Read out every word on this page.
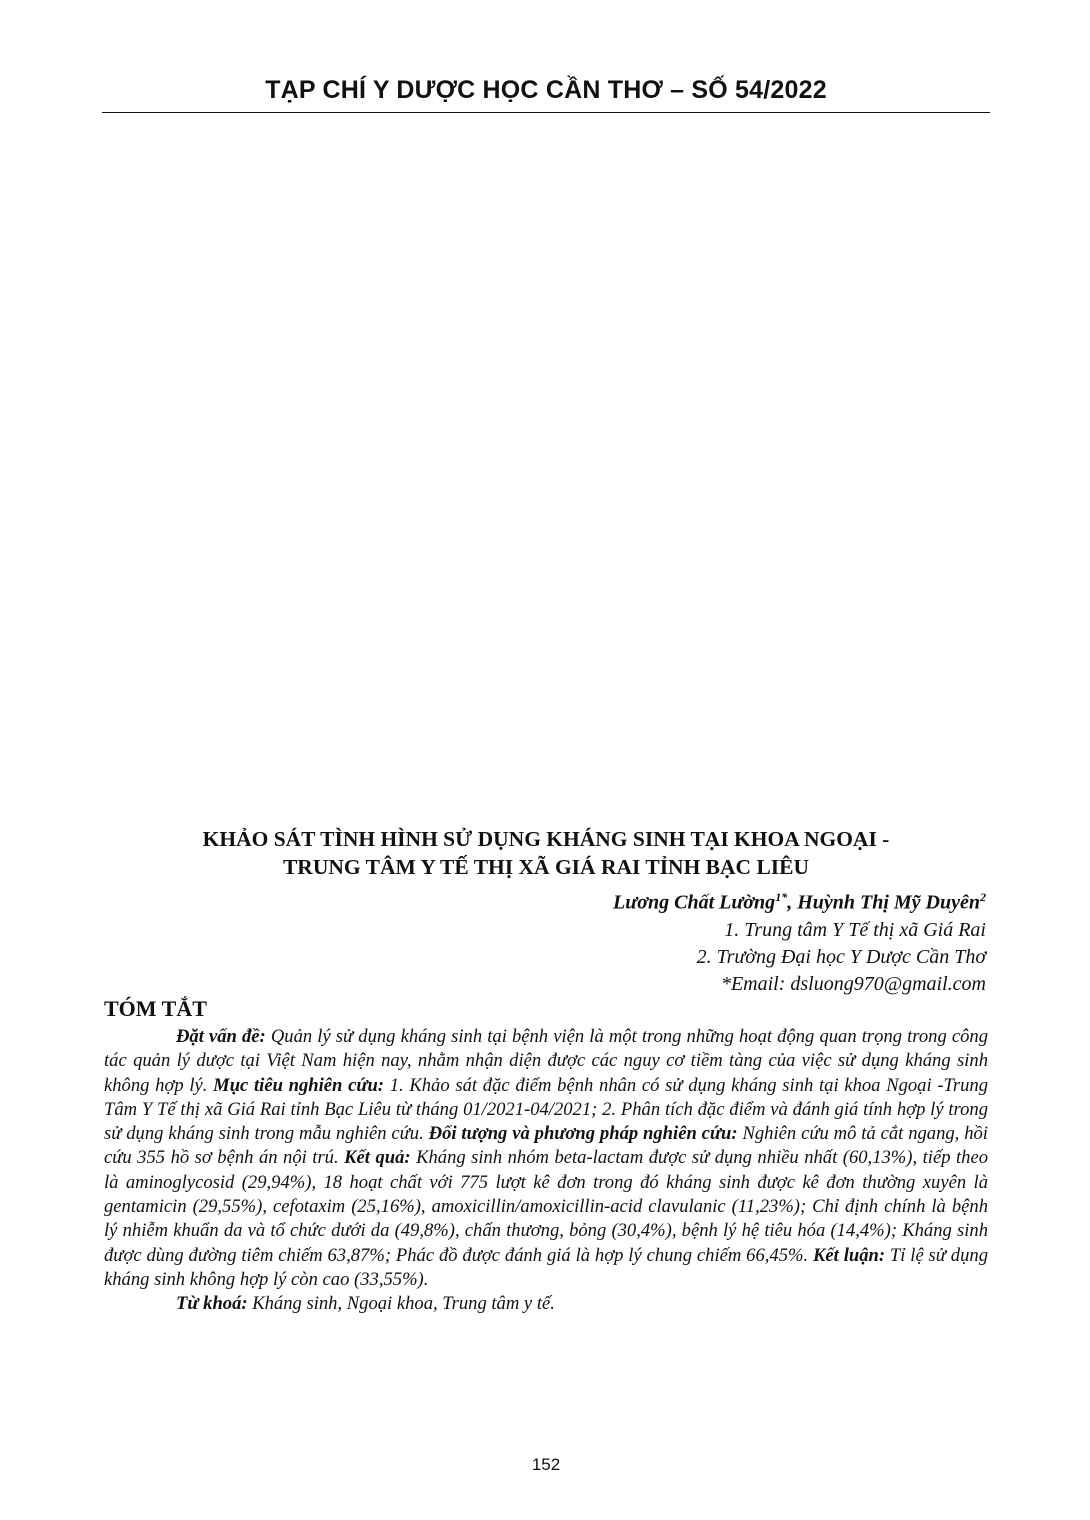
TẠP CHÍ Y DƯỢC HỌC CẦN THƠ – SỐ 54/2022
KHẢO SÁT TÌNH HÌNH SỬ DỤNG KHÁNG SINH TẠI KHOA NGOẠI -
TRUNG TÂM Y TẾ THỊ XÃ GIÁ RAI TỈNH BẠC LIÊU
Lương Chất Lường$^{1*}$, Huỳnh Thị Mỹ Duyên$^2$
1. Trung tâm Y Tế thị xã Giá Rai
2. Trường Đại học Y Dược Cần Thơ
*Email: dsluong970@gmail.com
TÓM TẮT

Đặt vấn đề: Quản lý sử dụng kháng sinh tại bệnh viện là một trong những hoạt động quan trọng trong công tác quản lý dược tại Việt Nam hiện nay, nhằm nhận diện được các nguy cơ tiềm tàng của việc sử dụng kháng sinh không hợp lý. Mục tiêu nghiên cứu: 1. Khảo sát đặc điểm bệnh nhân có sử dụng kháng sinh tại khoa Ngoại -Trung Tâm Y Tế thị xã Giá Rai tỉnh Bạc Liêu từ tháng 01/2021-04/2021; 2. Phân tích đặc điểm và đánh giá tính hợp lý trong sử dụng kháng sinh trong mẫu nghiên cứu. Đối tượng và phương pháp nghiên cứu: Nghiên cứu mô tả cắt ngang, hồi cứu 355 hồ sơ bệnh án nội trú. Kết quả: Kháng sinh nhóm beta-lactam được sử dụng nhiều nhất (60,13%), tiếp theo là aminoglycosid (29,94%), 18 hoạt chất với 775 lượt kê đơn trong đó kháng sinh được kê đơn thường xuyên là gentamicin (29,55%), cefotaxim (25,16%), amoxicillin/amoxicillin-acid clavulanic (11,23%); Chỉ định chính là bệnh lý nhiễm khuẩn da và tổ chức dưới da (49,8%), chấn thương, bỏng (30,4%), bệnh lý hệ tiêu hóa (14,4%); Kháng sinh được dùng đường tiêm chiếm 63,87%; Phác đồ được đánh giá là hợp lý chung chiếm 66,45%. Kết luận: Tỉ lệ sử dụng kháng sinh không hợp lý còn cao (33,55%).

Từ khoá: Kháng sinh, Ngoại khoa, Trung tâm y tế.

152
